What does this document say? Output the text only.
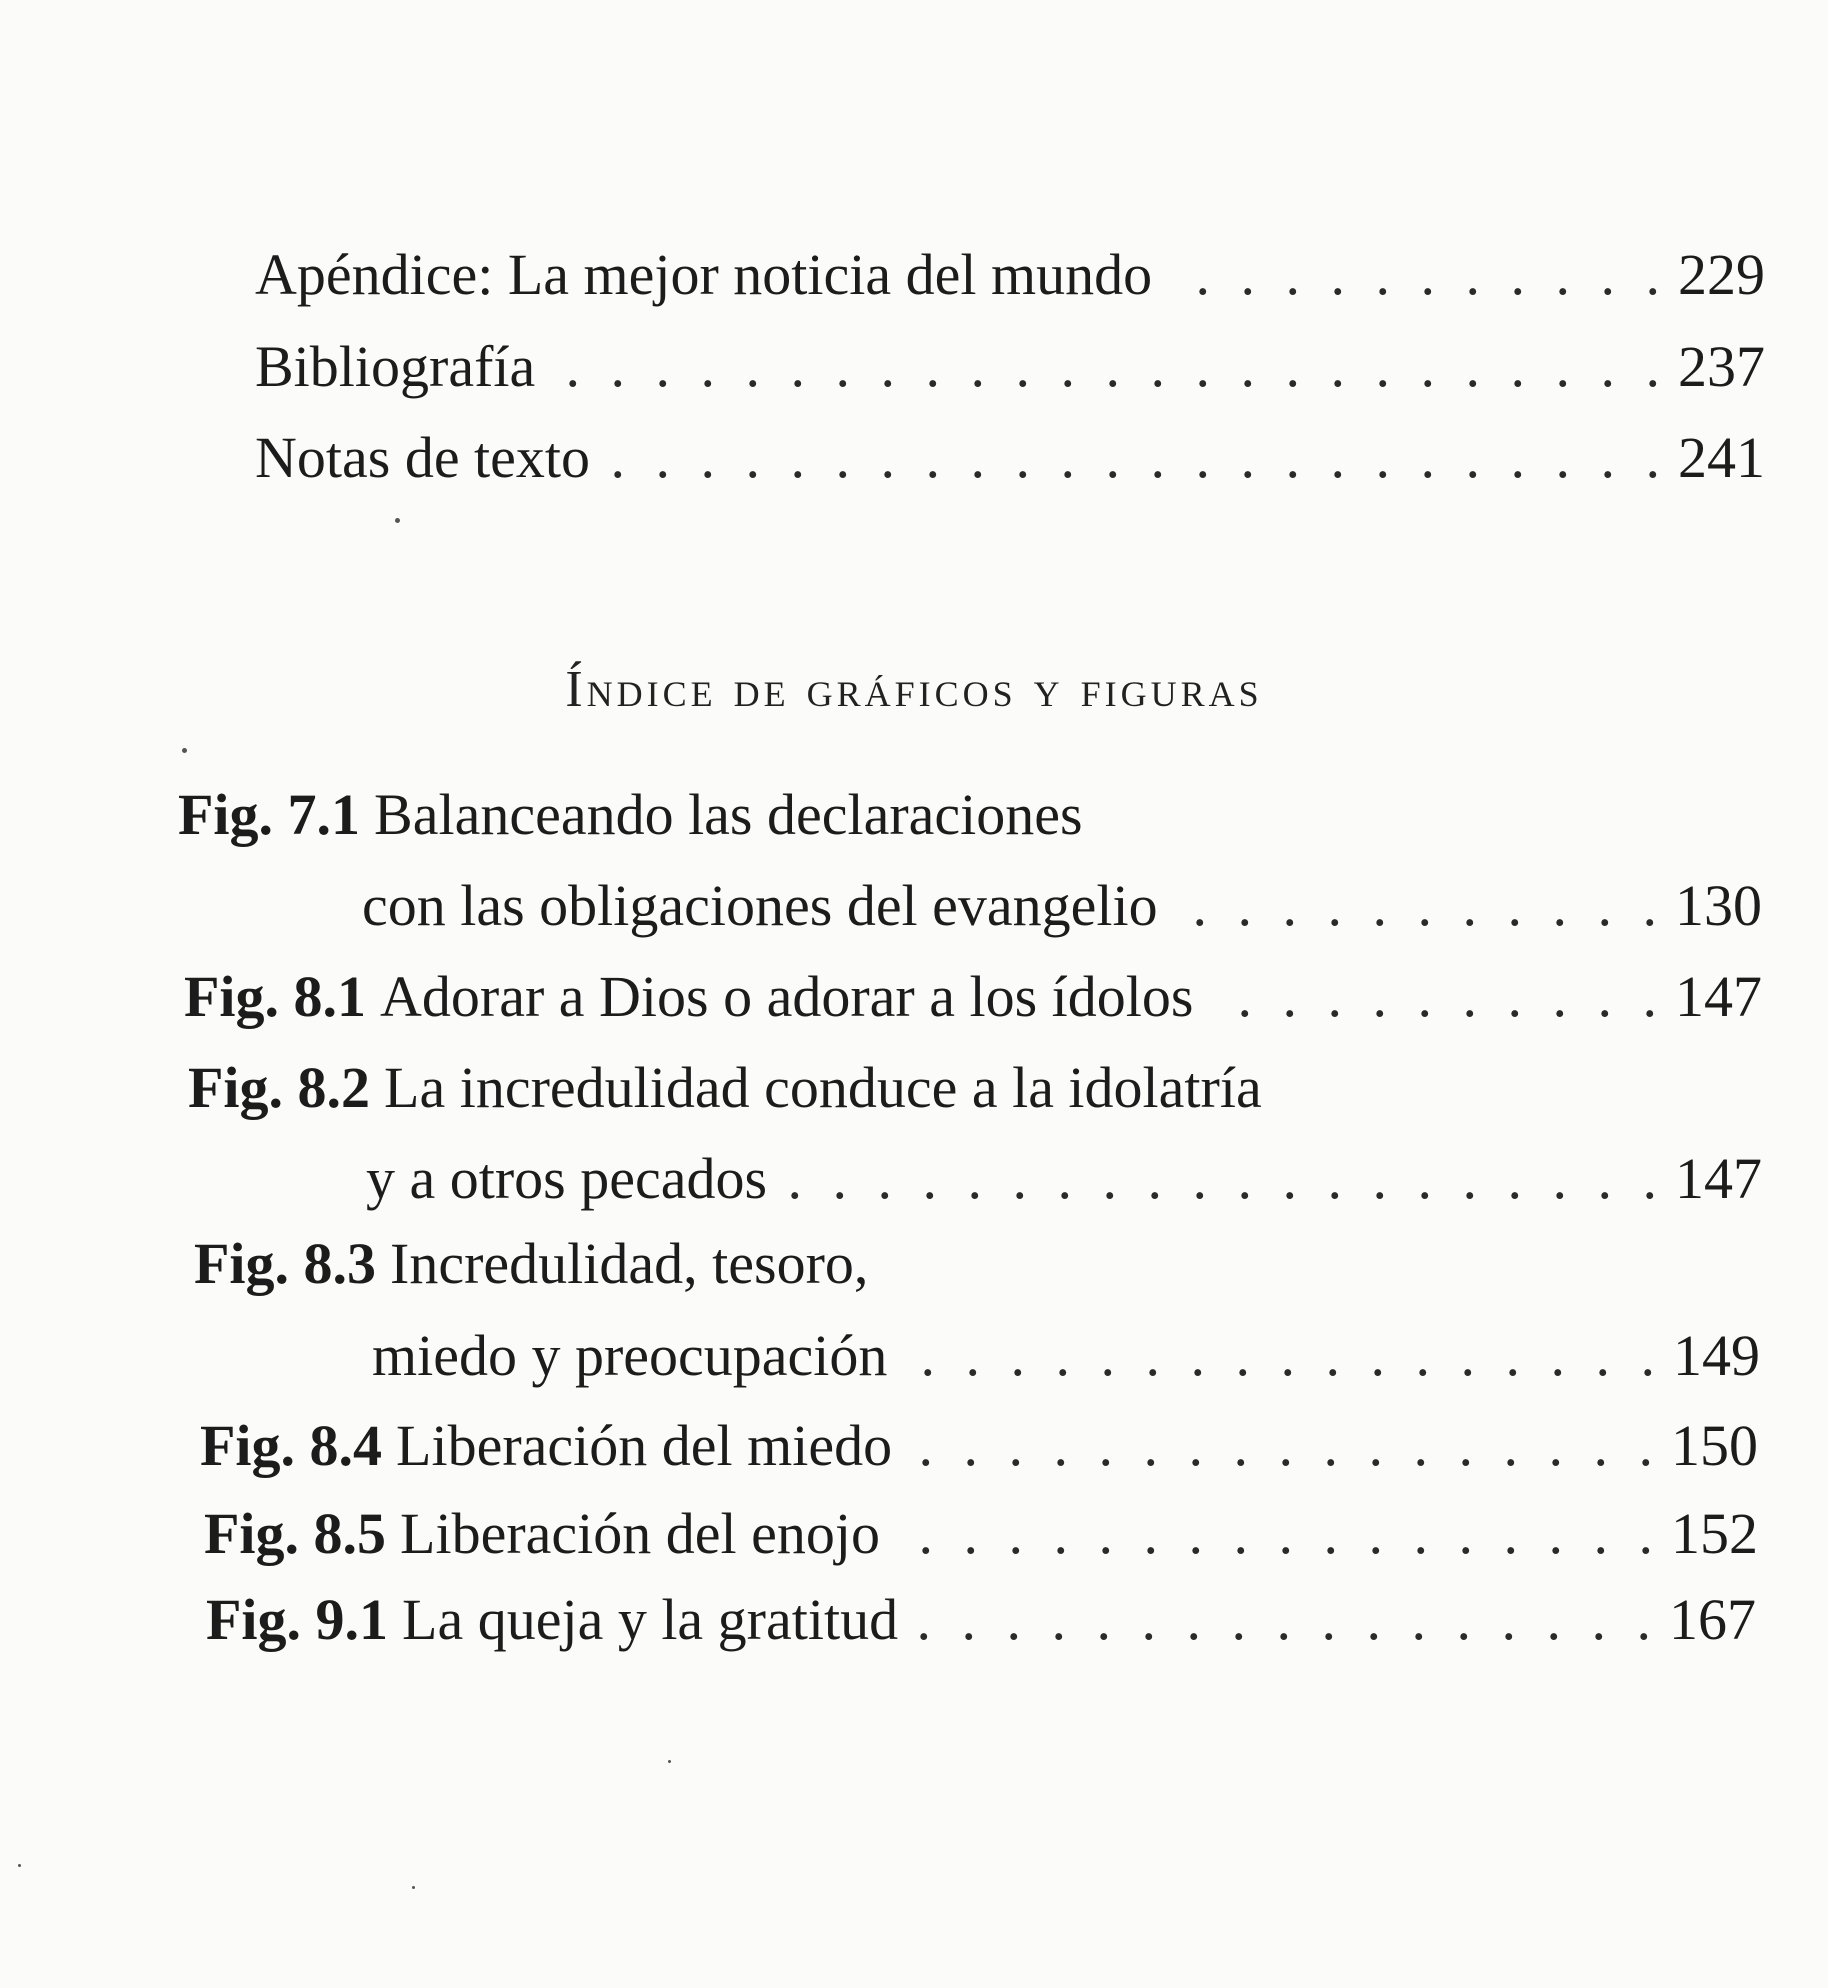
Apéndice: La mejor noticia del mundo . . .	229
Bibliografía . . .	237
Notas de texto . . .	241
Índice de gráficos y figuras
Fig. 7.1 Balanceando las declaraciones
con las obligaciones del evangelio . . .	130
Fig. 8.1 Adorar a Dios o adorar a los ídolos . . .	147
Fig. 8.2 La incredulidad conduce a la idolatría
y a otros pecados . . .	147
Fig. 8.3 Incredulidad, tesoro,
miedo y preocupación . . .	149
Fig. 8.4 Liberación del miedo . . .	150
Fig. 8.5 Liberación del enojo . . .	152
Fig. 9.1 La queja y la gratitud . . .	167
